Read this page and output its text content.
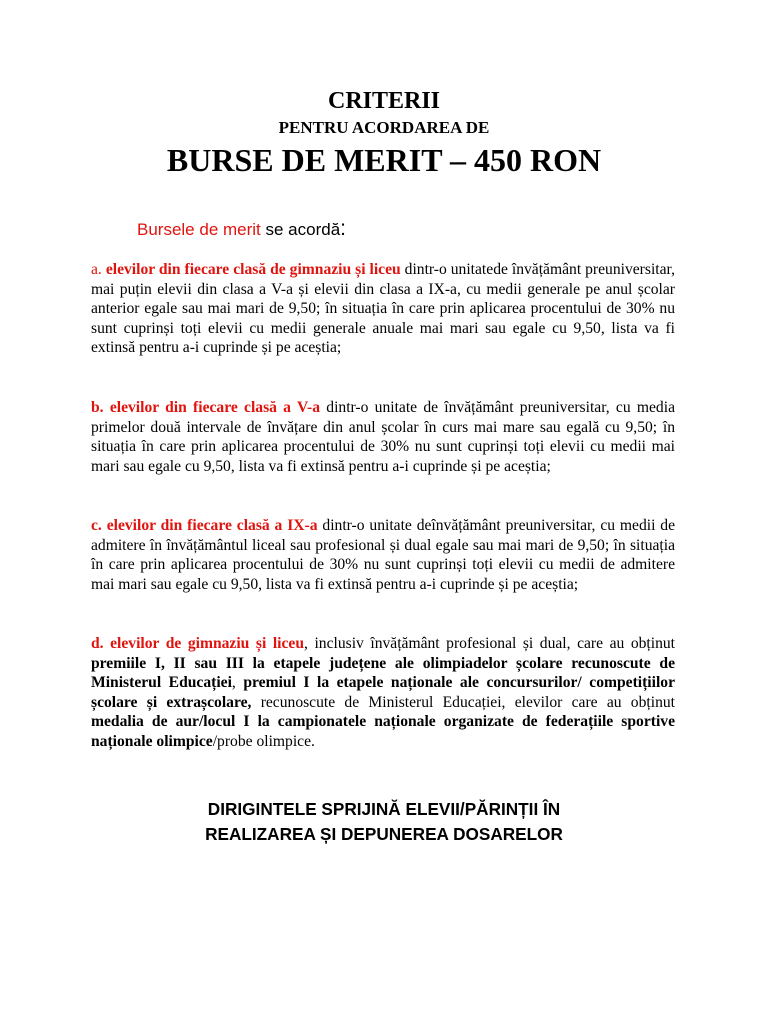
CRITERII
PENTRU ACORDAREA DE
BURSE DE MERIT – 450 RON
Bursele de merit se acordă:
a. elevilor din fiecare clasă de gimnaziu și liceu dintr-o unitatede învățământ preuniversitar, mai puțin elevii din clasa a V-a și elevii din clasa a IX-a, cu medii generale pe anul școlar anterior egale sau mai mari de 9,50; în situația în care prin aplicarea procentului de 30% nu sunt cuprinși toți elevii cu medii generale anuale mai mari sau egale cu 9,50, lista va fi extinsă pentru a-i cuprinde și pe aceștia;
b. elevilor din fiecare clasă a V-a dintr-o unitate de învățământ preuniversitar, cu media primelor două intervale de învățare din anul școlar în curs mai mare sau egală cu 9,50; în situația în care prin aplicarea procentului de 30% nu sunt cuprinși toți elevii cu medii mai mari sau egale cu 9,50, lista va fi extinsă pentru a-i cuprinde și pe aceștia;
c. elevilor din fiecare clasă a IX-a dintr-o unitate deînvățământ preuniversitar, cu medii de admitere în învățământul liceal sau profesional și dual egale sau mai mari de 9,50; în situația în care prin aplicarea procentului de 30% nu sunt cuprinși toți elevii cu medii de admitere mai mari sau egale cu 9,50, lista va fi extinsă pentru a-i cuprinde și pe aceștia;
d. elevilor de gimnaziu și liceu, inclusiv învățământ profesional și dual, care au obținut premiile I, II sau III la etapele județene ale olimpiadelor școlare recunoscute de Ministerul Educației, premiul I la etapele naționale ale concursurilor/ competițiilor școlare și extrașcolare, recunoscute de Ministerul Educației, elevilor care au obținut medalia de aur/locul I la campionatele naționale organizate de federațiile sportive naționale olimpice/probe olimpice.
DIRIGINTELE SPRIJINĂ ELEVII/PĂRINȚII ÎN
REALIZAREA ȘI DEPUNEREA DOSARELOR
